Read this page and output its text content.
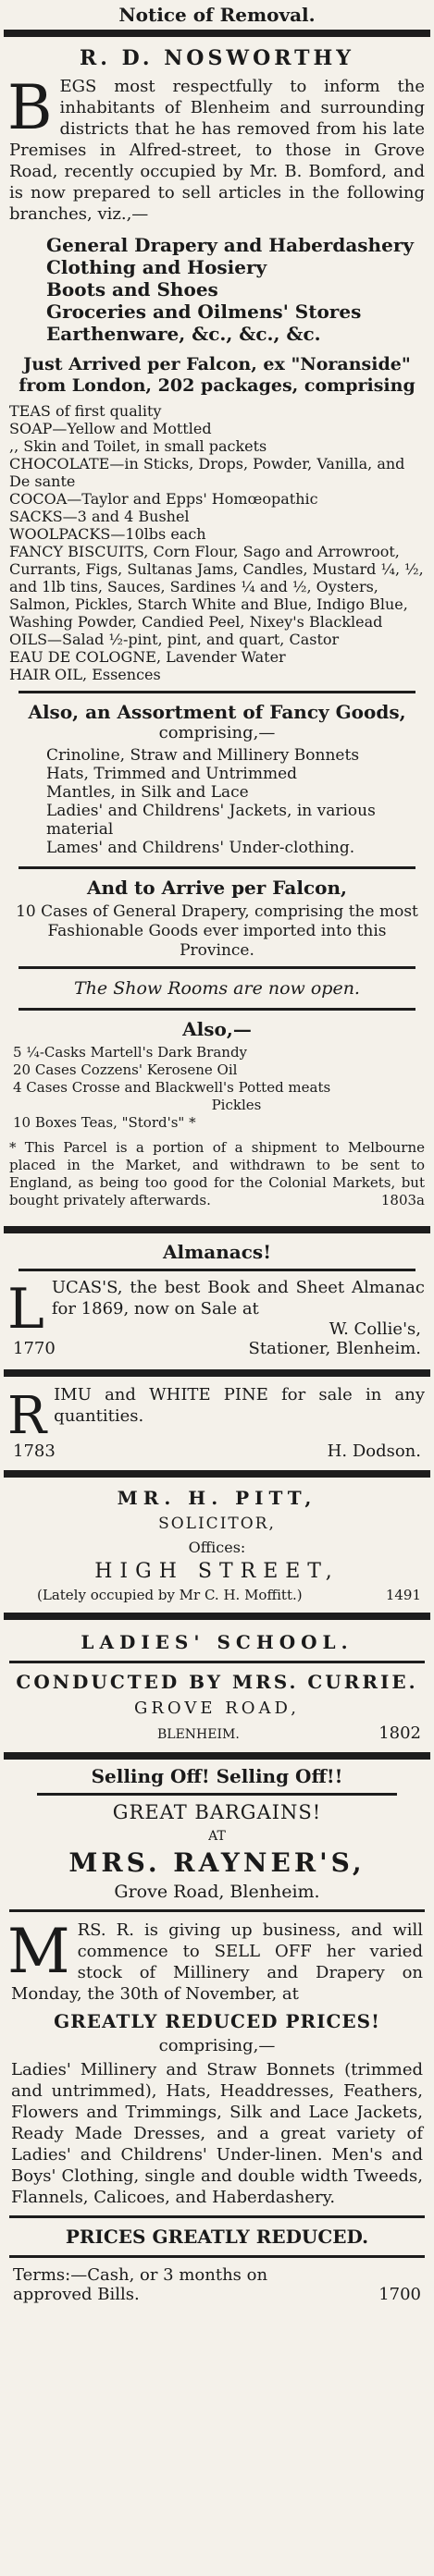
Notice of Removal.
R. D. NOSWORTHY
B EGS most respectfully to inform the inhabitants of Blenheim and surrounding districts that he has removed from his late Premises in Alfred-street, to those in Grove Road, recently occupied by Mr. B. Bomford, and is now prepared to sell articles in the following branches, viz.,—
General Drapery and Haberdashery
Clothing and Hosiery
Boots and Shoes
Groceries and Oilmens' Stores
Earthenware, &c., &c., &c.
Just Arrived per Falcon, ex "Noranside" from London, 202 packages, comprising
TEAS of first quality
SOAP—Yellow and Mottled
,, Skin and Toilet, in small packets
CHOCOLATE—in Sticks, Drops, Powder, Vanilla, and De sante
COCOA—Taylor and Epps' Homœopathic
SACKS—3 and 4 Bushel
WOOLPACKS—10lbs each
FANCY BISCUITS, Corn Flour, Sago and Arrowroot, Currants, Figs, Sultanas Jams, Candles, Mustard ¼, ½, and 1lb tins, Sauces, Sardines ¼ and ½, Oysters, Salmon, Pickles, Starch White and Blue, Indigo Blue, Washing Powder, Candied Peel, Nixey's Blacklead
OILS—Salad ½-pint, pint, and quart, Castor
EAU DE COLOGNE, Lavender Water
HAIR OIL, Essences
Also, an Assortment of Fancy Goods,
comprising,—
Crinoline, Straw and Millinery Bonnets
Hats, Trimmed and Untrimmed
Mantles, in Silk and Lace
Ladies' and Childrens' Jackets, in various material
Lames' and Childrens' Under-clothing.
And to Arrive per Falcon,
10 Cases of General Drapery, comprising the most Fashionable Goods ever imported into this Province.
The Show Rooms are now open.
Also,—
5 ¼-Casks Martell's Dark Brandy
20 Cases Cozzens' Kerosene Oil
4 Cases Crosse and Blackwell's Potted meats
Pickles
10 Boxes Teas, "Stord's" *
* This Parcel is a portion of a shipment to Melbourne placed in the Market, and withdrawn to be sent to England, as being too good for the Colonial Markets, but bought privately afterwards.	1803a
Almanacs!
L UCAS'S, the best Book and Sheet Almanac for 1869, now on Sale at
W. Collie's,
1770	Stationer, Blenheim.
R IMU and WHITE PINE for sale in any quantities.
1783	H. Dodson.
MR. H. PITT,
SOLICITOR,
Offices:
HIGH STREET,
(Lately occupied by Mr C. H. Moffitt.)	1491
LADIES' SCHOOL.
CONDUCTED BY MRS. CURRIE.
GROVE ROAD,
BLENHEIM.	1802
Selling Off! Selling Off!!
GREAT BARGAINS!
AT
MRS. RAYNER'S,
Grove Road, Blenheim.
M RS. R. is giving up business, and will commence to SELL OFF her varied stock of Millinery and Drapery on Monday, the 30th of November, at
GREATLY REDUCED PRICES!
comprising,—
Ladies' Millinery and Straw Bonnets (trimmed and untrimmed), Hats, Headdresses, Feathers, Flowers and Trimmings, Silk and Lace Jackets, Ready Made Dresses, and a great variety of Ladies' and Childrens' Under-linen. Men's and Boys' Clothing, single and double width Tweeds, Flannels, Calicoes, and Haberdashery.
PRICES GREATLY REDUCED.
Terms:—Cash, or 3 months on approved Bills.	1700
